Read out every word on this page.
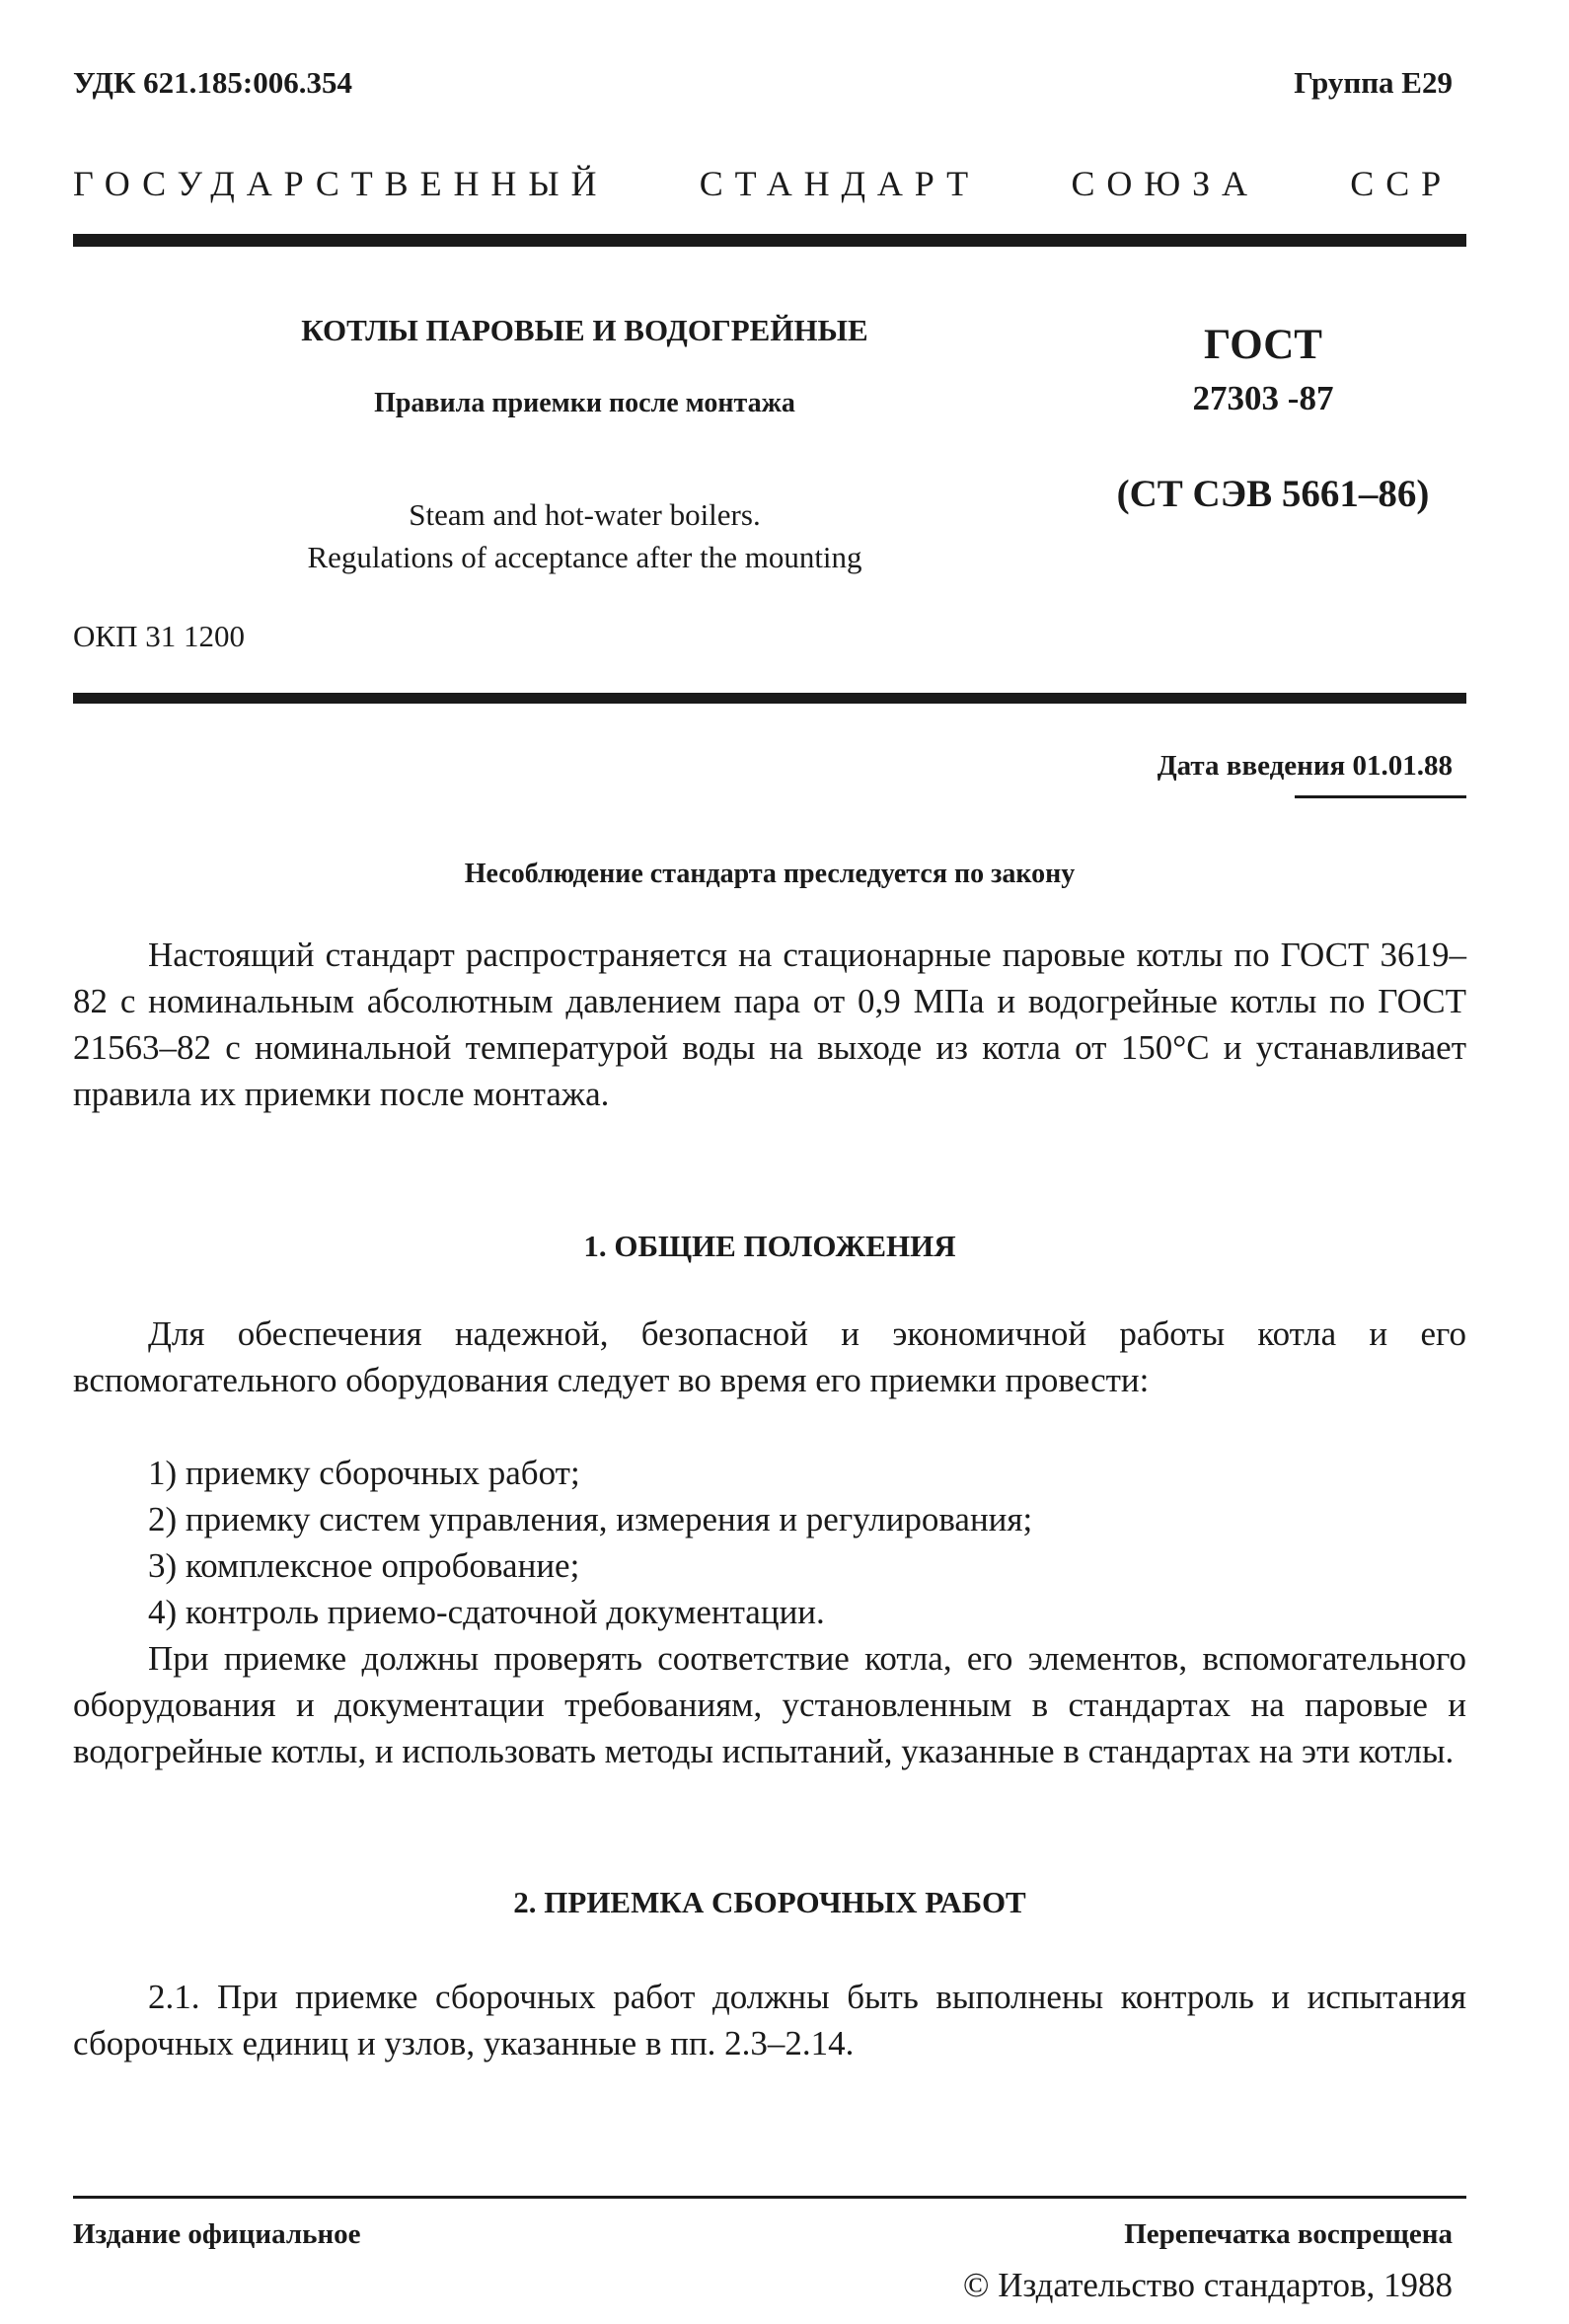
УДК 621.185:006.354	Группа Е29
ГОСУДАРСТВЕННЫЙ	СТАНДАРТ	СОЮЗА	ССР
КОТЛЫ ПАРОВЫЕ И ВОДОГРЕЙНЫЕ
Правила приемки после монтажа
Steam and hot-water boilers.
Regulations of acceptance after the mounting
ГОСТ
27303 -87
(СТ СЭВ 5661–86)
ОКП 31 1200
Дата введения 01.01.88
Несоблюдение стандарта преследуется по закону
Настоящий стандарт распространяется на стационарные паровые котлы по ГОСТ 3619–82 с номинальным абсолютным давлением пара от 0,9 МПа и водогрейные котлы по ГОСТ 21563–82 с номинальной температурой воды на выходе из котла от 150°С и устанавливает правила их приемки после монтажа.
1. ОБЩИЕ ПОЛОЖЕНИЯ
Для обеспечения надежной, безопасной и экономичной работы котла и его вспомогательного оборудования следует во время его приемки провести:
1) приемку сборочных работ;
2) приемку систем управления, измерения и регулирования;
3) комплексное опробование;
4) контроль приемо-сдаточной документации.
При приемке должны проверять соответствие котла, его элементов, вспомогательного оборудования и документации требованиям, установленным в стандартах на паровые и водогрейные котлы, и использовать методы испытаний, указанные в стандартах на эти котлы.
2. ПРИЕМКА СБОРОЧНЫХ РАБОТ
2.1. При приемке сборочных работ должны быть выполнены контроль и испытания сборочных единиц и узлов, указанные в пп. 2.3–2.14.
Издание официальное	Перепечатка воспрещена
© Издательство стандартов, 1988
